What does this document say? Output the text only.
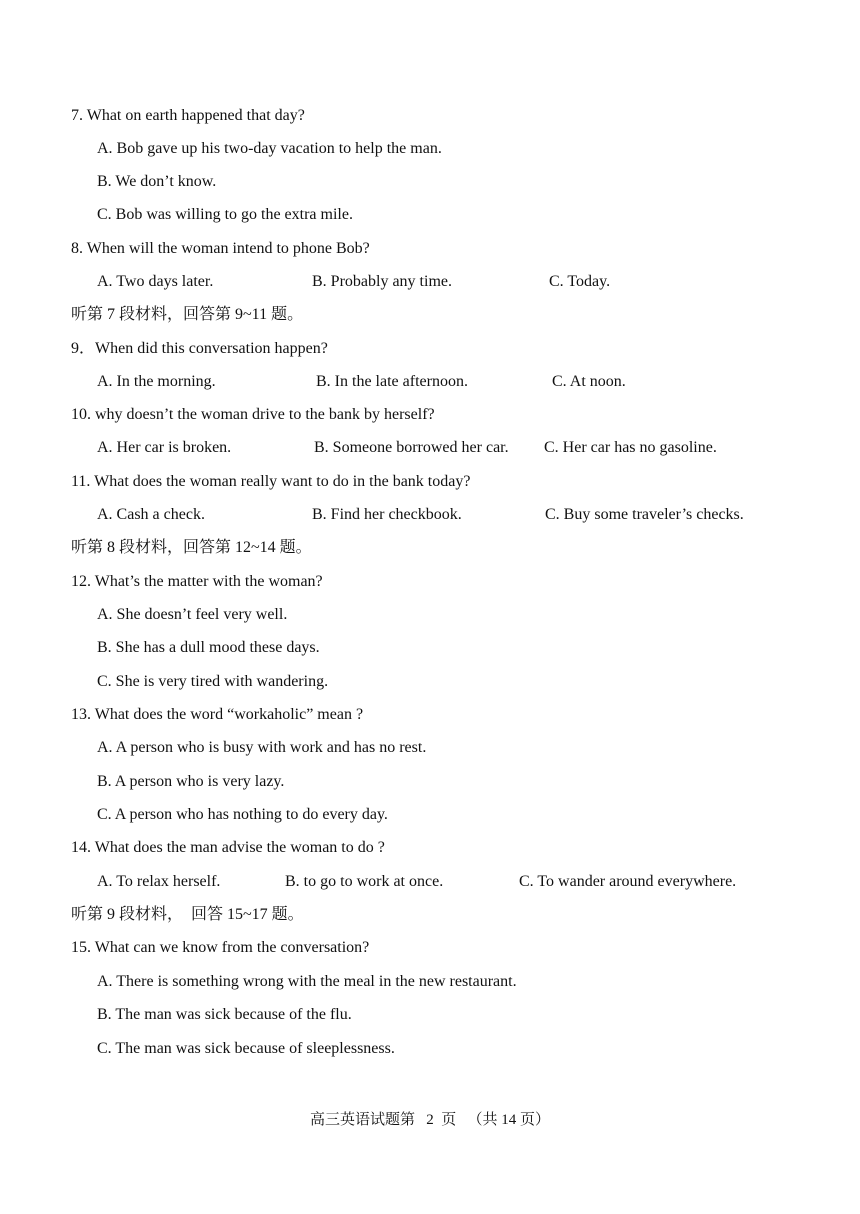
7. What on earth happened that day?
A. Bob gave up his two-day vacation to help the man.
B. We don’t know.
C. Bob was willing to go the extra mile.
8. When will the woman intend to phone Bob?
A. Two days later.	B. Probably any time.	C. Today.
听第 7 段材料，回答第 9~11 题。
9．When did this conversation happen?
A. In the morning.	B. In the late afternoon.	C. At noon.
10. why doesn’t the woman drive to the bank by herself?
A. Her car is broken.	B. Someone borrowed her car. C. Her car has no gasoline.
11. What does the woman really want to do in the bank today?
A. Cash a check.	B. Find her checkbook.	C. Buy some traveler’s checks.
听第 8 段材料，回答第 12~14 题。
12. What’s the matter with the woman?
A. She doesn’t feel very well.
B. She has a dull mood these days.
C. She is very tired with wandering.
13. What does the word “workaholic” mean ?
A. A person who is busy with work and has no rest.
B. A person who is very lazy.
C. A person who has nothing to do every day.
14. What does the man advise the woman to do ?
A. To relax herself.	B. to go to work at once.	C. To wander around everywhere.
听第 9 段材料，  回答 15~17 题。
15. What can we know from the conversation?
A. There is something wrong with the meal in the new restaurant.
B. The man was sick because of the flu.
C. The man was sick because of sleeplessness.
高三英语试题第   2  页   （共 14 页）
